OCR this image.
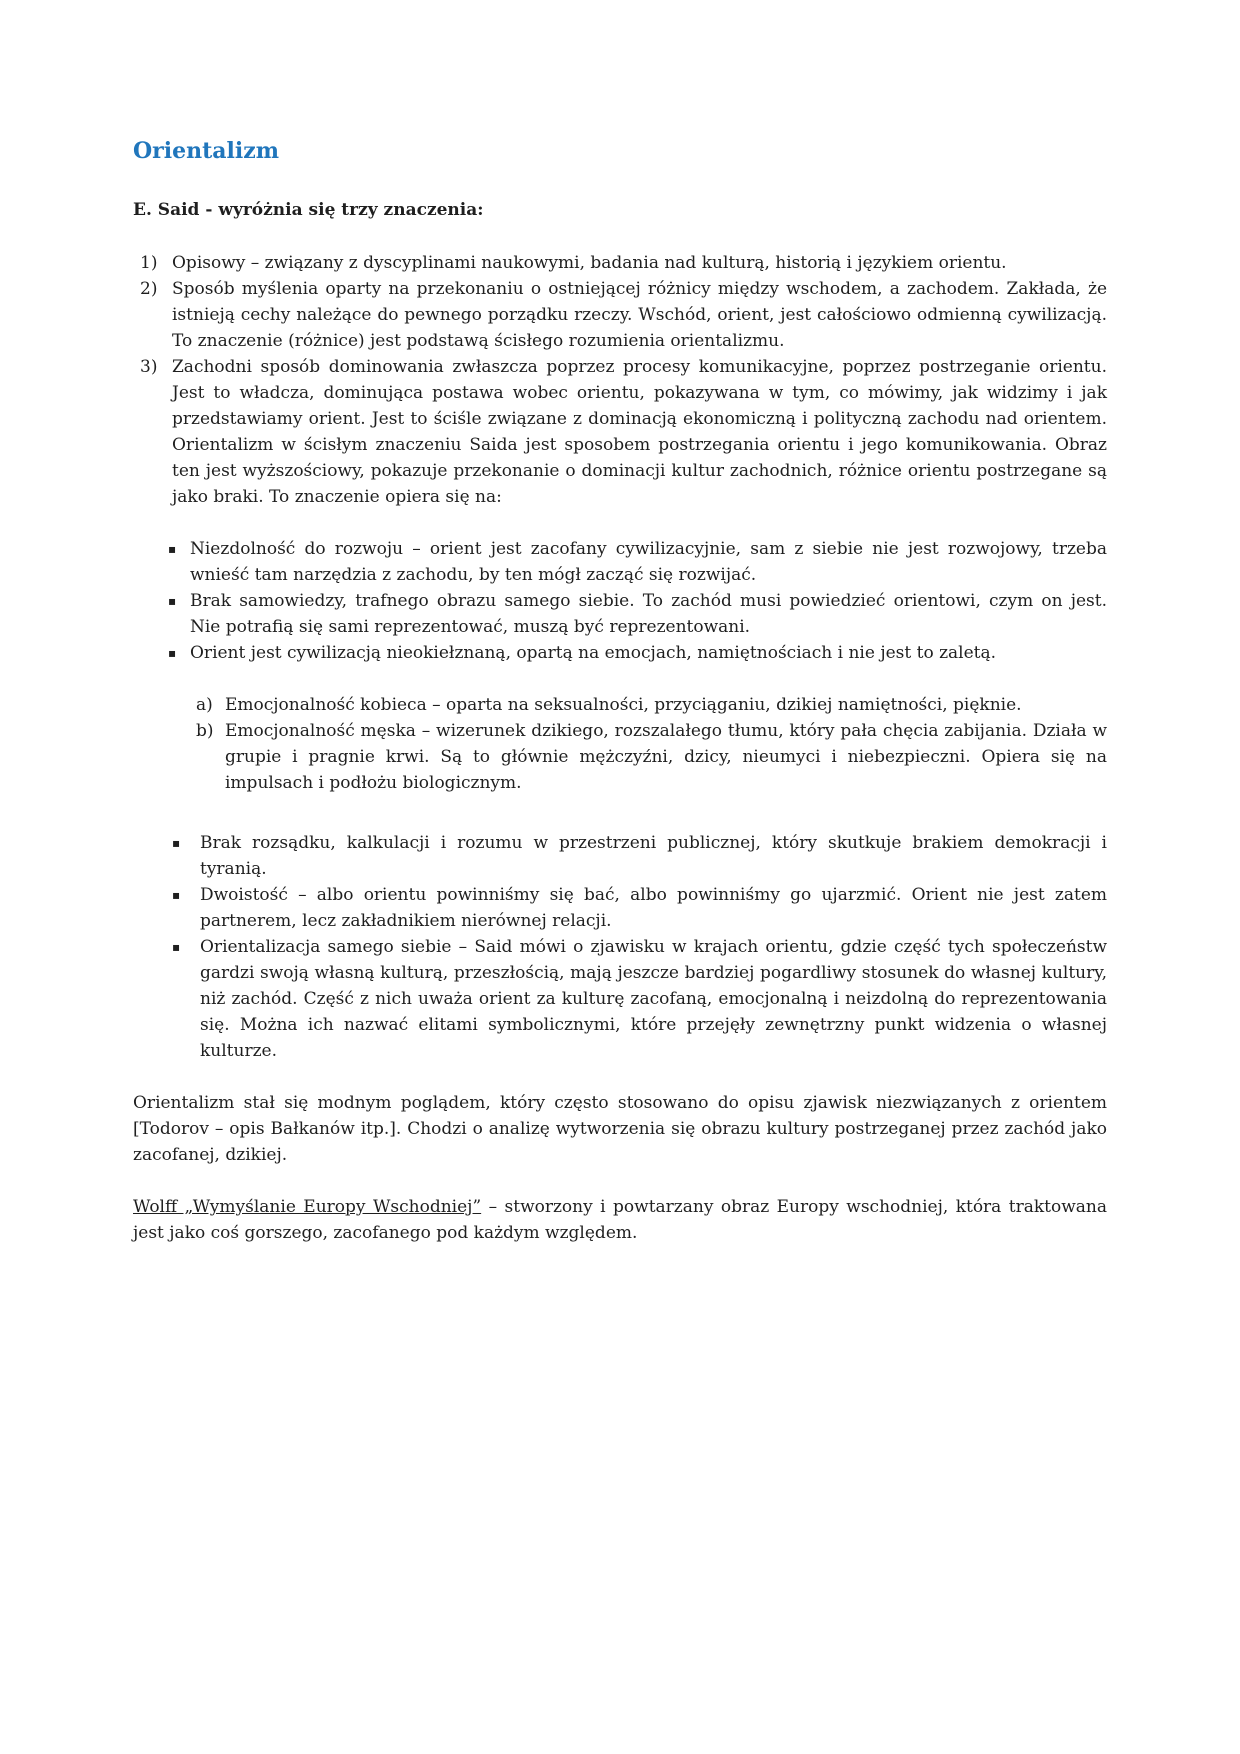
Orientalizm

E. Said - wyróżnia się trzy znaczenia:

1) Opisowy – związany z dyscyplinami naukowymi, badania nad kulturą, historią i językiem orientu.
2) Sposób myślenia oparty na przekonaniu o ostniejącej różnicy między wschodem, a zachodem. Zakłada, że istnieją cechy należące do pewnego porządku rzeczy. Wschód, orient, jest całościowo odmienną cywilizacją. To znaczenie (różnice) jest podstawą ścisłego rozumienia orientalizmu.
3) Zachodni sposób dominowania zwłaszcza poprzez procesy komunikacyjne, poprzez postrzeganie orientu. Jest to władcza, dominująca postawa wobec orientu, pokazywana w tym, co mówimy, jak widzimy i jak przedstawiamy orient. Jest to ściśle związane z dominacją ekonomiczną i polityczną zachodu nad orientem. Orientalizm w ścisłym znaczeniu Saida jest sposobem postrzegania orientu i jego komunikowania. Obraz ten jest wyższościowy, pokazuje przekonanie o dominacji kultur zachodnich, różnice orientu postrzegane są jako braki. To znaczenie opiera się na:
▪ Niezdolność do rozwoju – orient jest zacofany cywilizacyjnie, sam z siebie nie jest rozwojowy, trzeba wnieść tam narzędzia z zachodu, by ten mógł zacząć się rozwijać.
▪ Brak samowiedzy, trafnego obrazu samego siebie. To zachód musi powiedzieć orientowi, czym on jest. Nie potrafią się sami reprezentować, muszą być reprezentowani.
▪ Orient jest cywilizacją nieokiełznaną, opartą na emocjach, namiętnościach i nie jest to zaletą.
a) Emocjonalność kobieca – oparta na seksualności, przyciąganiu, dzikiej namiętności, pięknie.
b) Emocjonalność męska – wizerunek dzikiego, rozszalałego tłumu, który pała chęcia zabijania. Działa w grupie i pragnie krwi. Są to głównie mężczyźni, dzicy, nieumyci i niebezpieczni. Opiera się na impulsach i podłożu biologicznym.
▪	Brak rozsądku, kalkulacji i rozumu w przestrzeni publicznej, który skutkuje brakiem demokracji i tyranią.
▪	Dwoistość – albo orientu powinniśmy się bać, albo powinniśmy go ujarzmić. Orient nie jest zatem partnerem, lecz zakładnikiem nierównej relacji.
▪	Orientalizacja samego siebie – Said mówi o zjawisku w krajach orientu, gdzie część tych społeczeństw gardzi swoją własną kulturą, przeszłością, mają jeszcze bardziej pogardliwy stosunek do własnej kultury, niż zachód. Część z nich uważa orient za kulturę zacofaną, emocjonalną i neizdolną do reprezentowania się. Można ich nazwać elitami symbolicznymi, które przejęły zewnętrzny punkt widzenia o własnej kulturze.

Orientalizm stał się modnym poglądem, który często stosowano do opisu zjawisk niezwiązanych z orientem [Todorov – opis Bałkanów itp.]. Chodzi o analizę wytworzenia się obrazu kultury postrzeganej przez zachód jako zacofanej, dzikiej.

Wolff „Wymyślanie Europy Wschodniej” – stworzony i powtarzany obraz Europy wschodniej, która traktowana jest jako coś gorszego, zacofanego pod każdym względem.
